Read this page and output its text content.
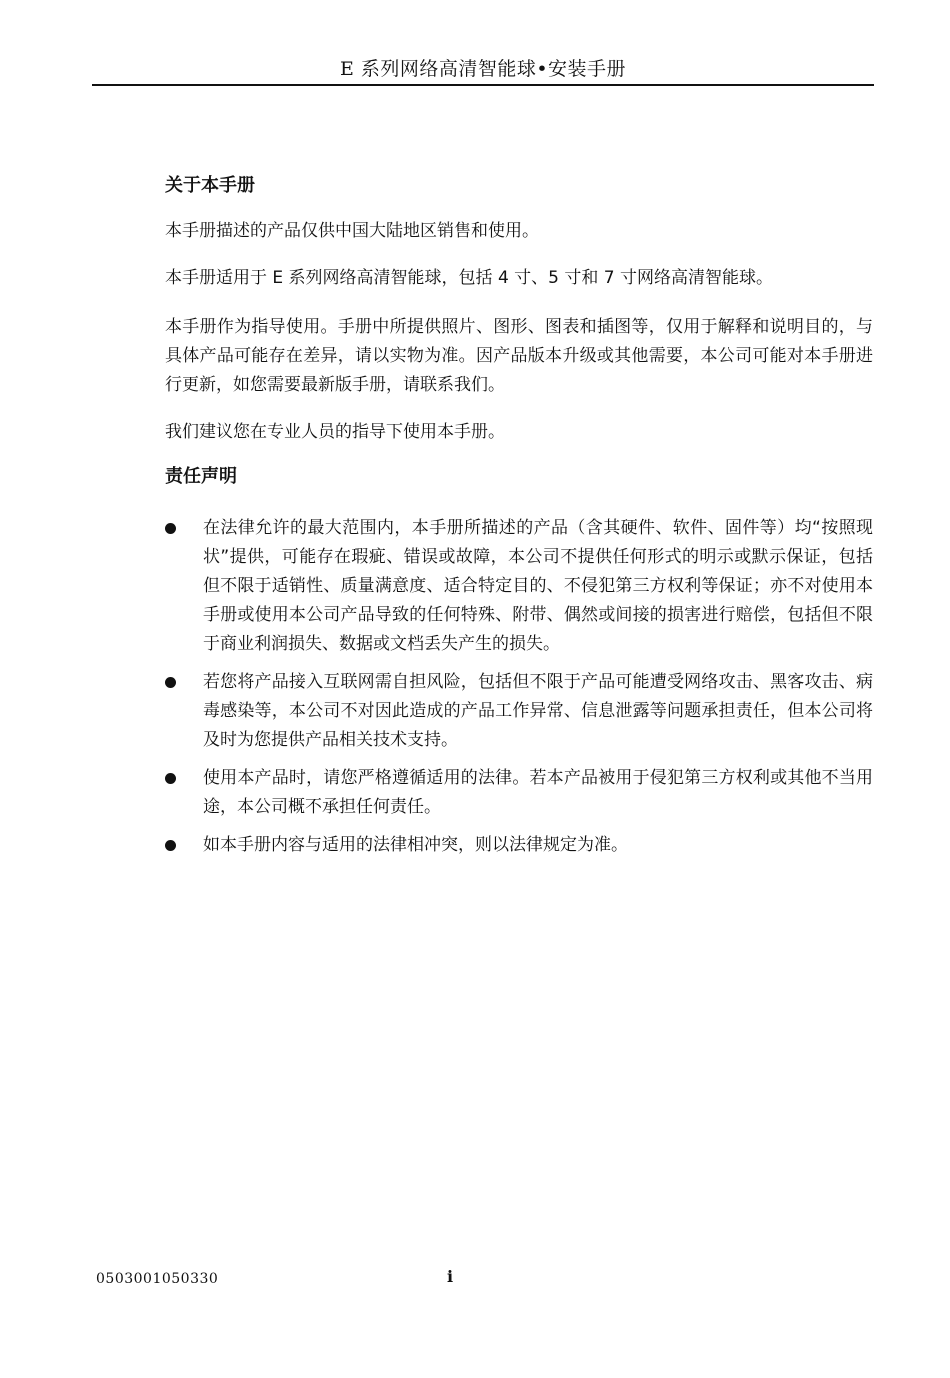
E 系列网络高清智能球•安装手册
关于本手册

本手册描述的产品仅供中国大陆地区销售和使用。

本手册适用于 E 系列网络高清智能球，包括 4 寸、5 寸和 7 寸网络高清智能球。

本手册作为指导使用。手册中所提供照片、图形、图表和插图等，仅用于解释和说明目的，与具体产品可能存在差异，请以实物为准。因产品版本升级或其他需要，本公司可能对本手册进行更新，如您需要最新版手册，请联系我们。

我们建议您在专业人员的指导下使用本手册。

责任声明

在法律允许的最大范围内，本手册所描述的产品（含其硬件、软件、固件等）均“按照现状”提供，可能存在瑕疵、错误或故障，本公司不提供任何形式的明示或默示保证，包括但不限于适销性、质量满意度、适合特定目的、不侵犯第三方权利等保证；亦不对使用本手册或使用本公司产品导致的任何特殊、附带、偶然或间接的损害进行赔偿，包括但不限于商业利润损失、数据或文档丢失产生的损失。

若您将产品接入互联网需自担风险，包括但不限于产品可能遭受网络攻击、黑客攻击、病毒感染等，本公司不对因此造成的产品工作异常、信息泄露等问题承担责任，但本公司将及时为您提供产品相关技术支持。

使用本产品时，请您严格遵循适用的法律。若本产品被用于侵犯第三方权利或其他不当用途，本公司概不承担任何责任。

如本手册内容与适用的法律相冲突，则以法律规定为准。

0503001050330	i
